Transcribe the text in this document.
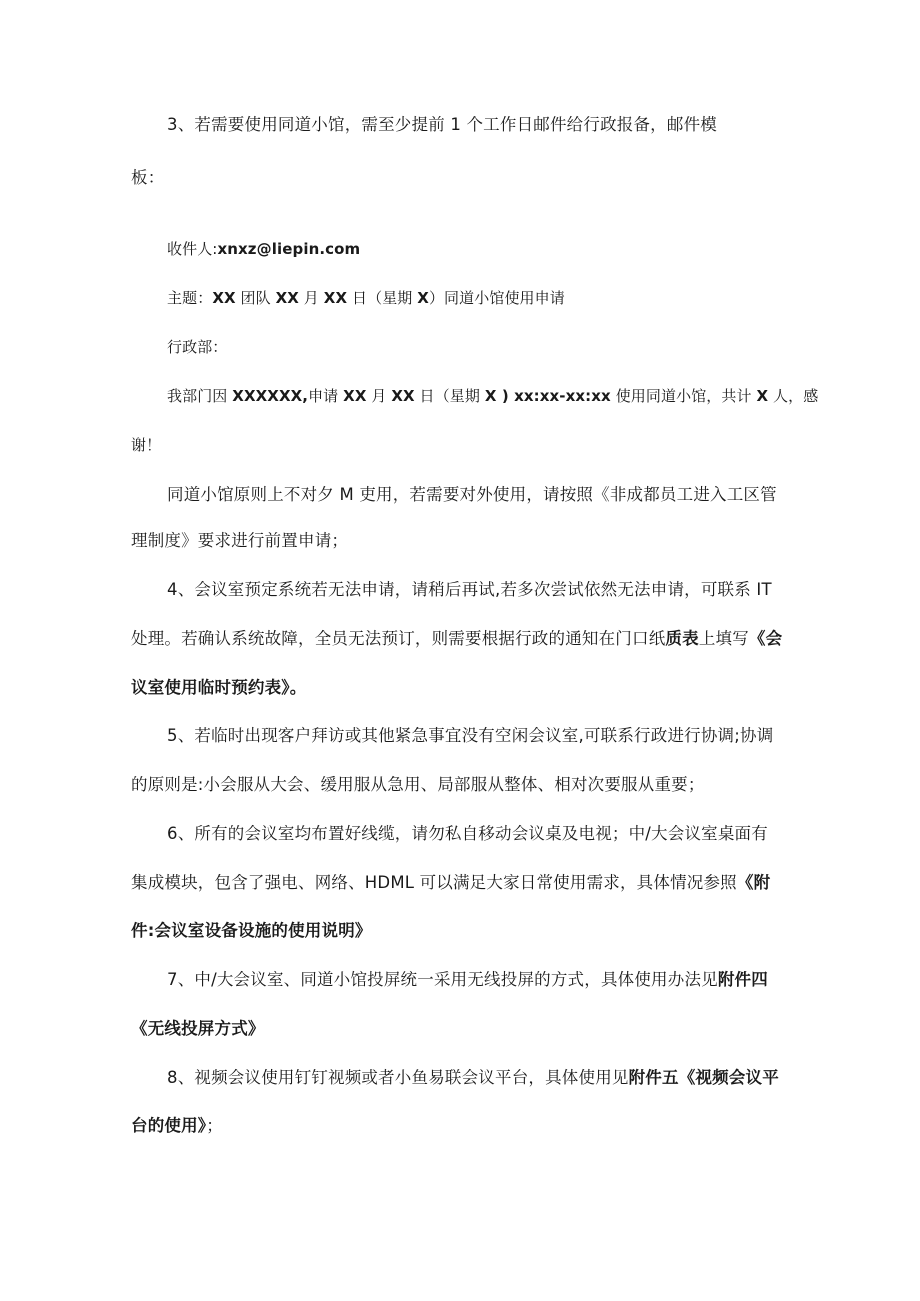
3、若需要使用同道小馆，需至少提前 1 个工作日邮件给行政报备，邮件模
板：
收件人:xnxz@liepin.com
主题：XX 团队 XX 月 XX 日（星期 X）同道小馆使用申请
行政部：
我部门因 XXXXXX,申请 XX 月 XX 日（星期 X ) xx:xx-xx:xx 使用同道小馆，共计 X 人，感
谢！
同道小馆原则上不对夕 M 吏用，若需要对外使用，请按照《非成都员工进入工区管
理制度》要求进行前置申请；
4、会议室预定系统若无法申请，请稍后再试,若多次尝试依然无法申请，可联系 IT
处理。若确认系统故障，全员无法预订，则需要根据行政的通知在门口纸质表上填写《会
议室使用临时预约表》。
5、若临时出现客户拜访或其他紧急事宜没有空闲会议室,可联系行政进行协调;协调
的原则是:小会服从大会、缓用服从急用、局部服从整体、相对次要服从重要；
6、所有的会议室均布置好线缆，请勿私自移动会议桌及电视；中/大会议室桌面有
集成模块，包含了强电、网络、HDML 可以满足大家日常使用需求，具体情况参照《附
件:会议室设备设施的使用说明》
7、中/大会议室、同道小馆投屏统一采用无线投屏的方式，具体使用办法见附件四
《无线投屏方式》
8、视频会议使用钉钉视频或者小鱼易联会议平台，具体使用见附件五《视频会议平
台的使用》；
